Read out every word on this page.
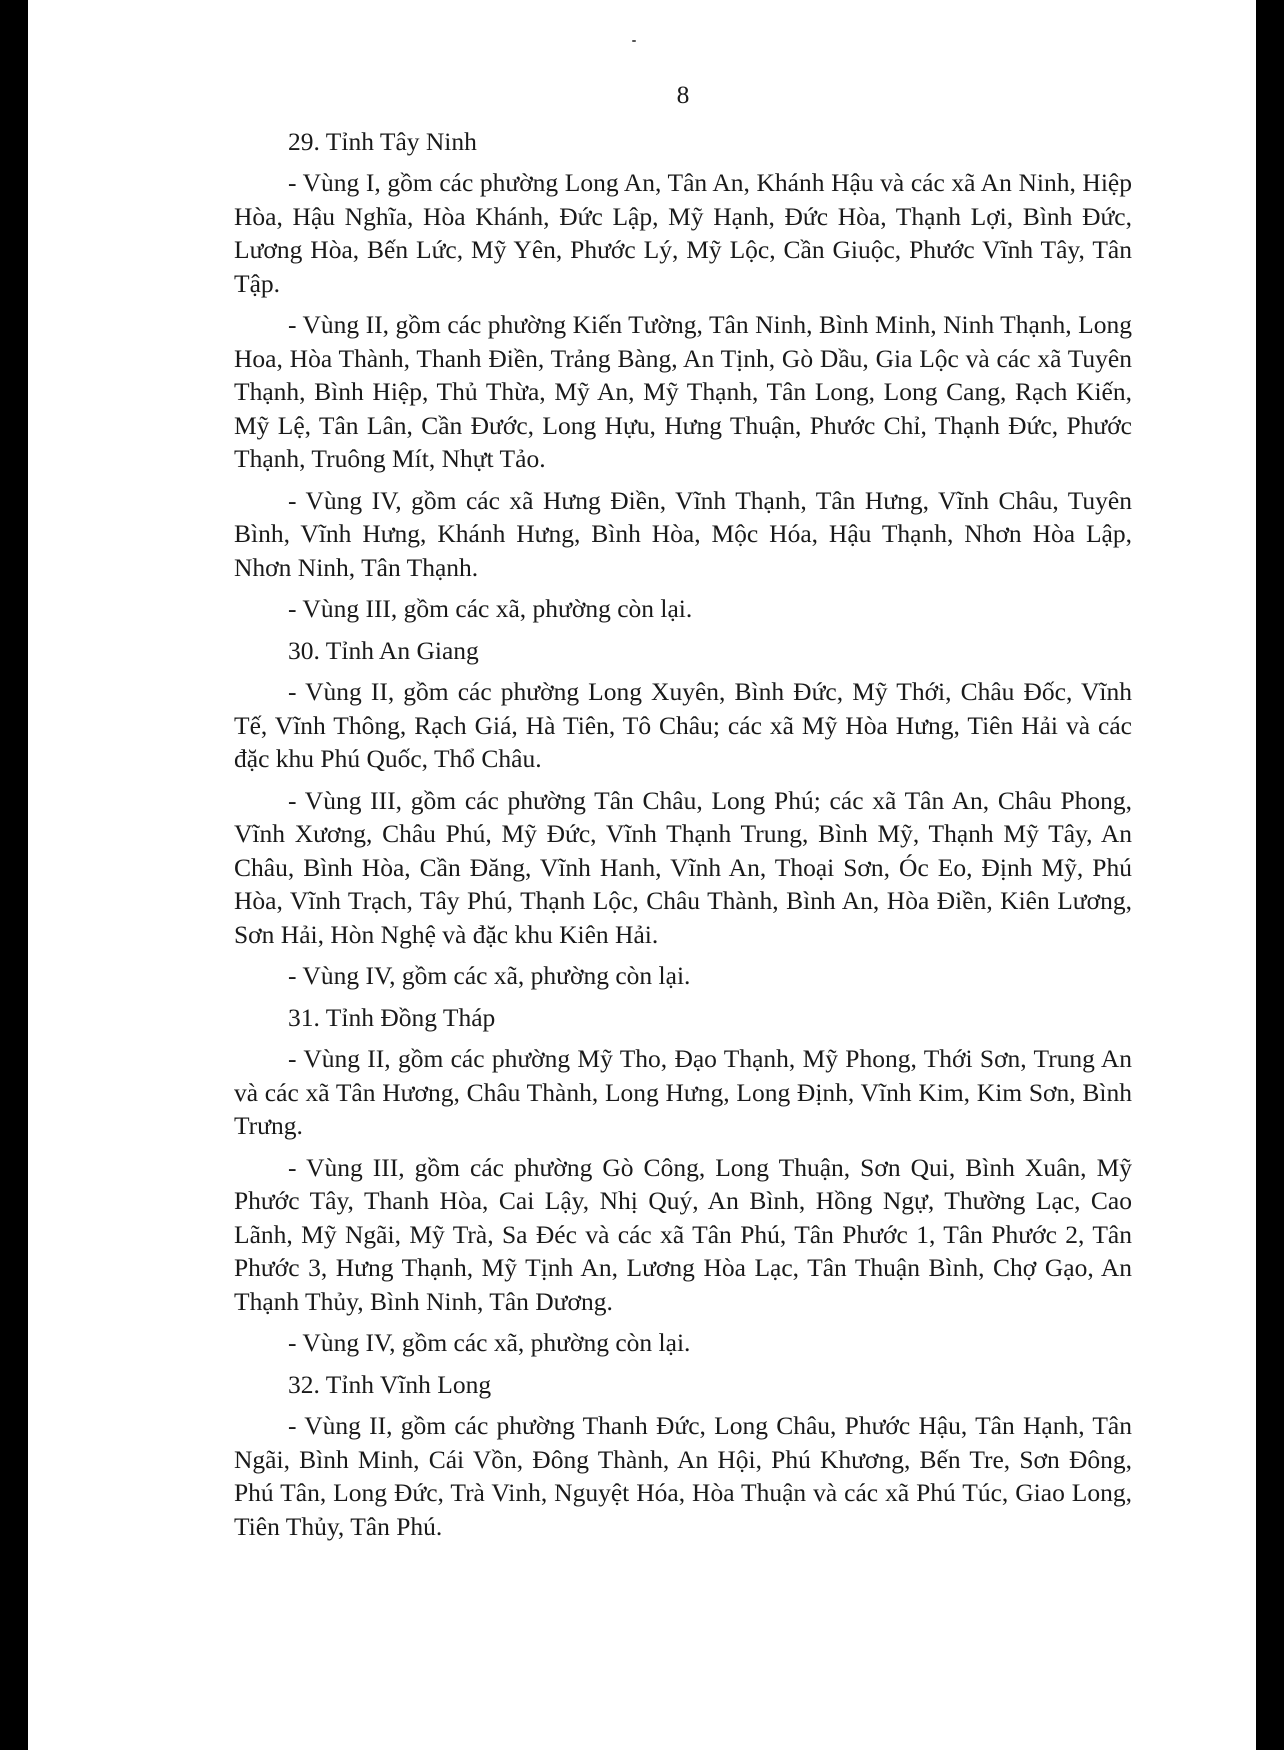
8

29. Tỉnh Tây Ninh

- Vùng I, gồm các phường Long An, Tân An, Khánh Hậu và các xã An Ninh, Hiệp Hòa, Hậu Nghĩa, Hòa Khánh, Đức Lập, Mỹ Hạnh, Đức Hòa, Thạnh Lợi, Bình Đức, Lương Hòa, Bến Lức, Mỹ Yên, Phước Lý, Mỹ Lộc, Cần Giuộc, Phước Vĩnh Tây, Tân Tập.

- Vùng II, gồm các phường Kiến Tường, Tân Ninh, Bình Minh, Ninh Thạnh, Long Hoa, Hòa Thành, Thanh Điền, Trảng Bàng, An Tịnh, Gò Dầu, Gia Lộc và các xã Tuyên Thạnh, Bình Hiệp, Thủ Thừa, Mỹ An, Mỹ Thạnh, Tân Long, Long Cang, Rạch Kiến, Mỹ Lệ, Tân Lân, Cần Đước, Long Hựu, Hưng Thuận, Phước Chỉ, Thạnh Đức, Phước Thạnh, Truông Mít, Nhựt Tảo.

- Vùng IV, gồm các xã Hưng Điền, Vĩnh Thạnh, Tân Hưng, Vĩnh Châu, Tuyên Bình, Vĩnh Hưng, Khánh Hưng, Bình Hòa, Mộc Hóa, Hậu Thạnh, Nhơn Hòa Lập, Nhơn Ninh, Tân Thạnh.

- Vùng III, gồm các xã, phường còn lại.

30. Tỉnh An Giang

- Vùng II, gồm các phường Long Xuyên, Bình Đức, Mỹ Thới, Châu Đốc, Vĩnh Tế, Vĩnh Thông, Rạch Giá, Hà Tiên, Tô Châu; các xã Mỹ Hòa Hưng, Tiên Hải và các đặc khu Phú Quốc, Thổ Châu.

- Vùng III, gồm các phường Tân Châu, Long Phú; các xã Tân An, Châu Phong, Vĩnh Xương, Châu Phú, Mỹ Đức, Vĩnh Thạnh Trung, Bình Mỹ, Thạnh Mỹ Tây, An Châu, Bình Hòa, Cần Đăng, Vĩnh Hanh, Vĩnh An, Thoại Sơn, Óc Eo, Định Mỹ, Phú Hòa, Vĩnh Trạch, Tây Phú, Thạnh Lộc, Châu Thành, Bình An, Hòa Điền, Kiên Lương, Sơn Hải, Hòn Nghệ và đặc khu Kiên Hải.

- Vùng IV, gồm các xã, phường còn lại.

31. Tỉnh Đồng Tháp

- Vùng II, gồm các phường Mỹ Tho, Đạo Thạnh, Mỹ Phong, Thới Sơn, Trung An và các xã Tân Hương, Châu Thành, Long Hưng, Long Định, Vĩnh Kim, Kim Sơn, Bình Trưng.

- Vùng III, gồm các phường Gò Công, Long Thuận, Sơn Qui, Bình Xuân, Mỹ Phước Tây, Thanh Hòa, Cai Lậy, Nhị Quý, An Bình, Hồng Ngự, Thường Lạc, Cao Lãnh, Mỹ Ngãi, Mỹ Trà, Sa Đéc và các xã Tân Phú, Tân Phước 1, Tân Phước 2, Tân Phước 3, Hưng Thạnh, Mỹ Tịnh An, Lương Hòa Lạc, Tân Thuận Bình, Chợ Gạo, An Thạnh Thủy, Bình Ninh, Tân Dương.

- Vùng IV, gồm các xã, phường còn lại.

32. Tỉnh Vĩnh Long

- Vùng II, gồm các phường Thanh Đức, Long Châu, Phước Hậu, Tân Hạnh, Tân Ngãi, Bình Minh, Cái Vồn, Đông Thành, An Hội, Phú Khương, Bến Tre, Sơn Đông, Phú Tân, Long Đức, Trà Vinh, Nguyệt Hóa, Hòa Thuận và các xã Phú Túc, Giao Long, Tiên Thủy, Tân Phú.
